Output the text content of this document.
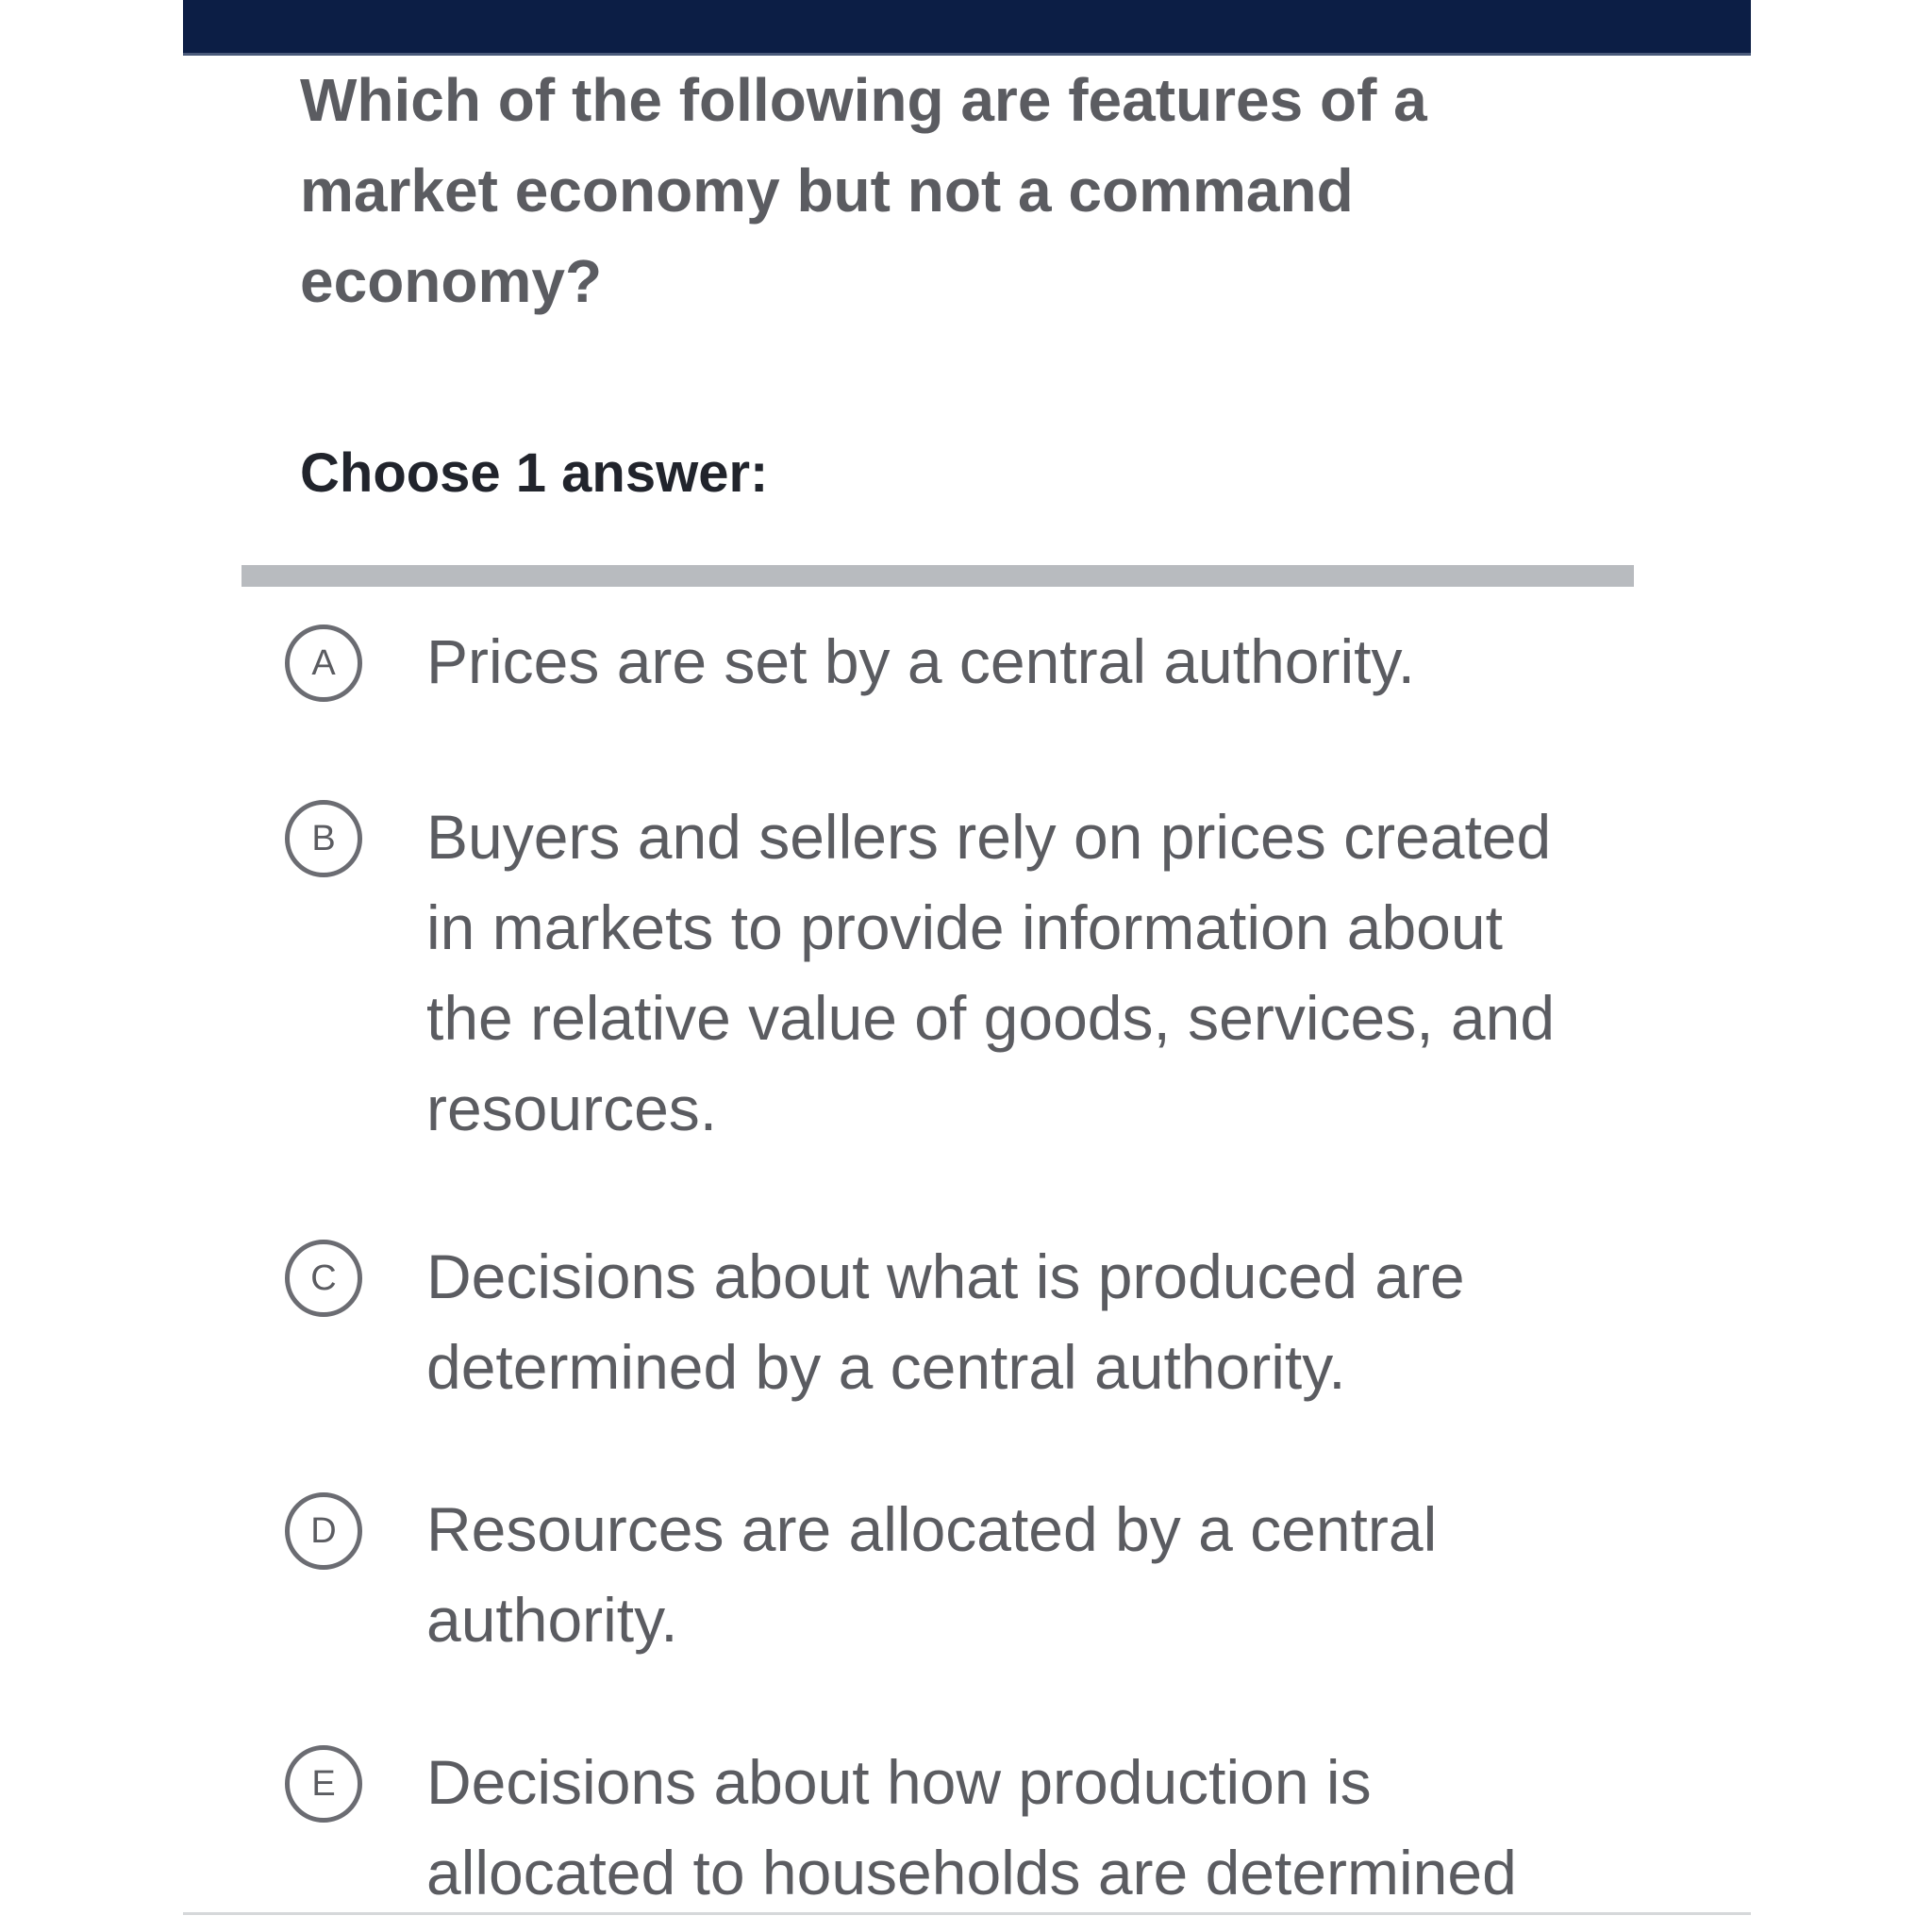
Which of the following are features of a market economy but not a command economy?

Choose 1 answer:

A	Prices are set by a central authority.

B	Buyers and sellers rely on prices created in markets to provide information about the relative value of goods, services, and resources.

C	Decisions about what is produced are determined by a central authority.

D	Resources are allocated by a central authority.

E	Decisions about how production is allocated to households are determined
